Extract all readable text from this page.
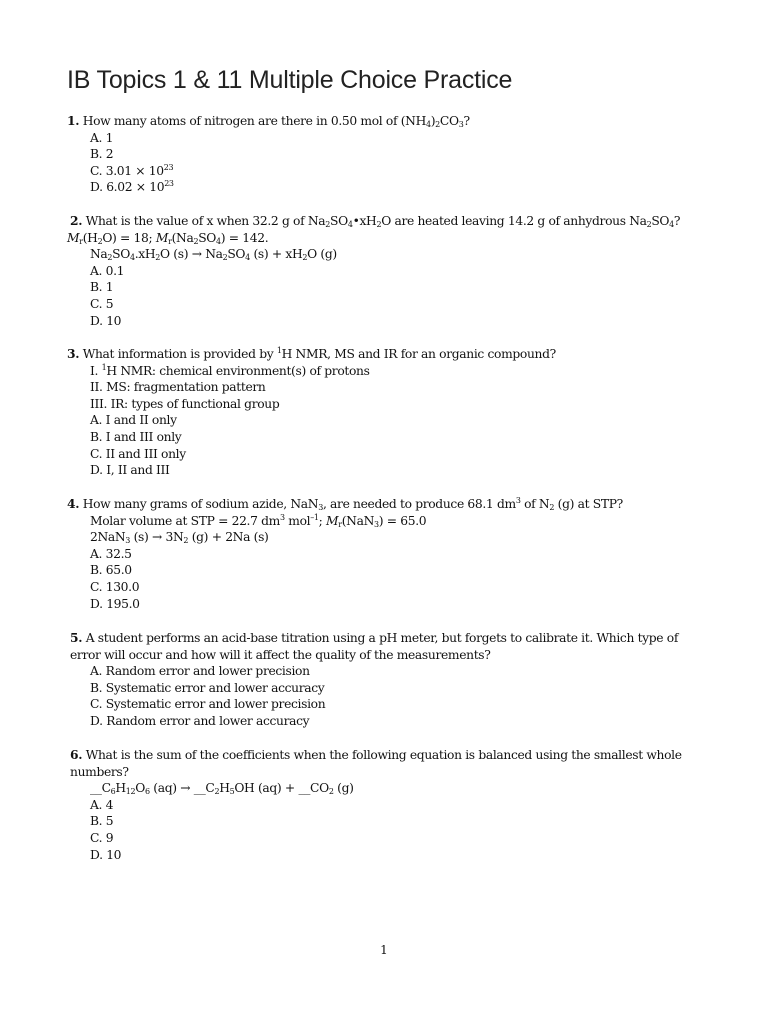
IB Topics 1 & 11 Multiple Choice Practice

1. How many atoms of nitrogen are there in 0.50 mol of $(NH_4)_2CO_3$?

A. 1

B. 2

C. $3.01 \times 10^{23}$

D. $6.02 \times 10^{23}$

2. What is the value of x when 32.2 g of $Na_2SO_4•xH_2O$ are heated leaving 14.2 g of anhydrous $Na_2SO_4$?

$M_r(H_2O) = 18$; $M_r(Na_2SO_4) = 142$.

$Na_2SO_4.xH_2O$ $(s) \to Na_2SO_4$ $(s) + xH_2O$ (g)

A. 0.1

B. 1

C. 5

D. 10

3. What information is provided by $^1$H NMR, MS and IR for an organic compound?

I. $^1$H NMR: chemical environment(s) of protons

II. MS: fragmentation pattern

III. IR: types of functional group

A. I and II only

B. I and III only

C. II and III only

D. I, II and III

4. How many grams of sodium azide, NaN$_3$, are needed to produce 68.1 $dm^3$ of $N_2$ (g) at STP?

Molar volume at STP = 22.7 $dm^3$ mol$^{-1}$; $M_r(NaN_3) = 65.0$

2NaN$_3$ $(s) \to 3N_2$ (g) + 2Na (s)

A. 32.5

B. 65.0

C. 130.0

D. 195.0

5. A student performs an acid-base titration using a pH meter, but forgets to calibrate it. Which type of error will occur and how will it affect the quality of the measurements?

A. Random error and lower precision

B. Systematic error and lower accuracy

C. Systematic error and lower precision

D. Random error and lower accuracy

6. What is the sum of the coefficients when the following equation is balanced using the smallest whole numbers?

$\_\_C_6H_{12}O_6$ $(aq) \to \_\_C_2H_5OH$ $(aq) + \_\_CO_2$ (g)

A. 4

B. 5

C. 9

D. 10

1
